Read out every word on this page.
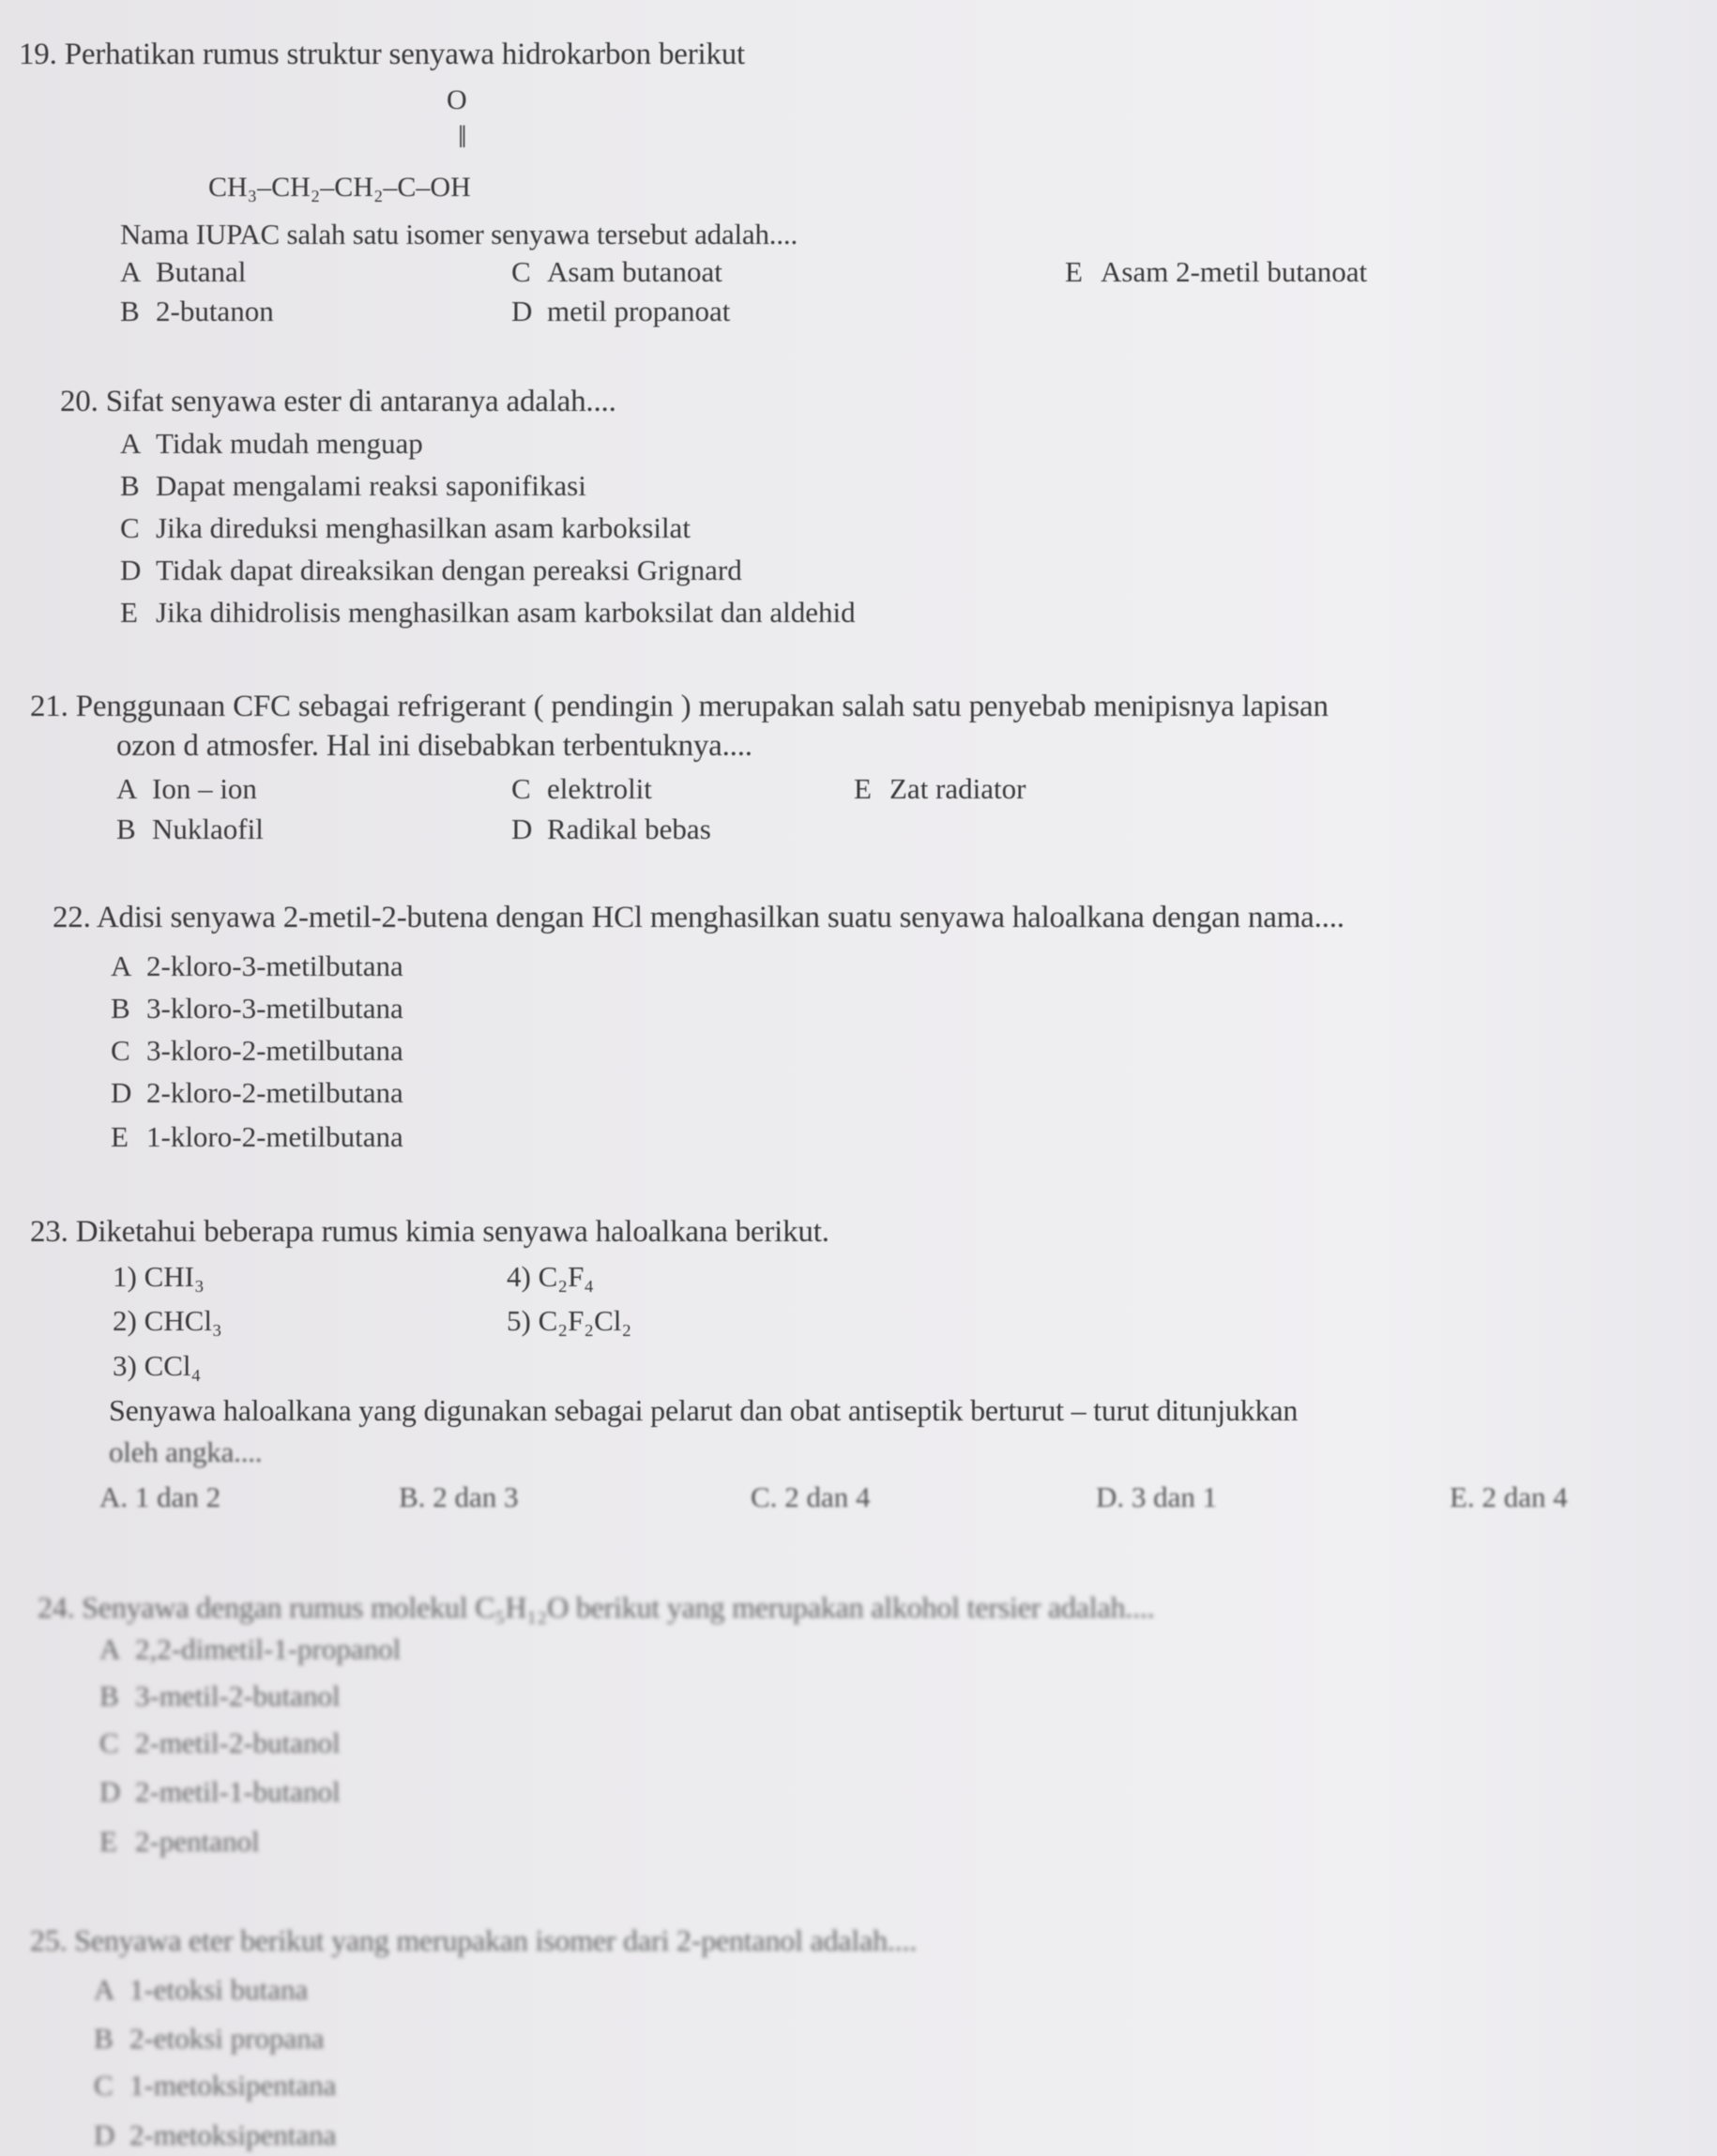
19. Perhatikan rumus struktur senyawa hidrokarbon berikut
O
‖
CH₃–CH₂–CH₂–C–OH
Nama IUPAC salah satu isomer senyawa tersebut adalah....
A Butanal
B 2-butanon
C Asam butanoat
D metil propanoat
E Asam 2-metil butanoat
20. Sifat senyawa ester di antaranya adalah....
A Tidak mudah menguap
B Dapat mengalami reaksi saponifikasi
C Jika direduksi menghasilkan asam karboksilat
D Tidak dapat direaksikan dengan pereaksi Grignard
E Jika dihidrolisis menghasilkan asam karboksilat dan aldehid
21. Penggunaan CFC sebagai refrigerant ( pendingin ) merupakan salah satu penyebab menipisnya lapisan
ozon d atmosfer. Hal ini disebabkan terbentuknya....
A Ion – ion
B Nuklaofil
C elektrolit
D Radikal bebas
E Zat radiator
22. Adisi senyawa 2-metil-2-butena dengan HCl menghasilkan suatu senyawa haloalkana dengan nama....
A 2-kloro-3-metilbutana
B 3-kloro-3-metilbutana
C 3-kloro-2-metilbutana
D 2-kloro-2-metilbutana
E 1-kloro-2-metilbutana
23. Diketahui beberapa rumus kimia senyawa haloalkana berikut.
1) CHI₃
2) CHCl₃
3) CCl₄
4) C₂F₄
5) C₂F₂Cl₂
Senyawa haloalkana yang digunakan sebagai pelarut dan obat antiseptik berturut – turut ditunjukkan
oleh angka....
A. 1 dan 2	B. 2 dan 3	C. 2 dan 4	D. 3 dan 1	E. 2 dan 4
24. Senyawa dengan rumus molekul C₅H₁₂O berikut yang merupakan alkohol tersier adalah....
A 2,2-dimetil-1-propanol
B 3-metil-2-butanol
C 2-metil-2-butanol
D 2-metil-1-butanol
E 2-pentanol
25. Senyawa eter berikut yang merupakan isomer dari 2-pentanol adalah....
A 1-etoksi butana
B 2-etoksi propana
C 1-metoksipentana
D 2-metoksipentana
